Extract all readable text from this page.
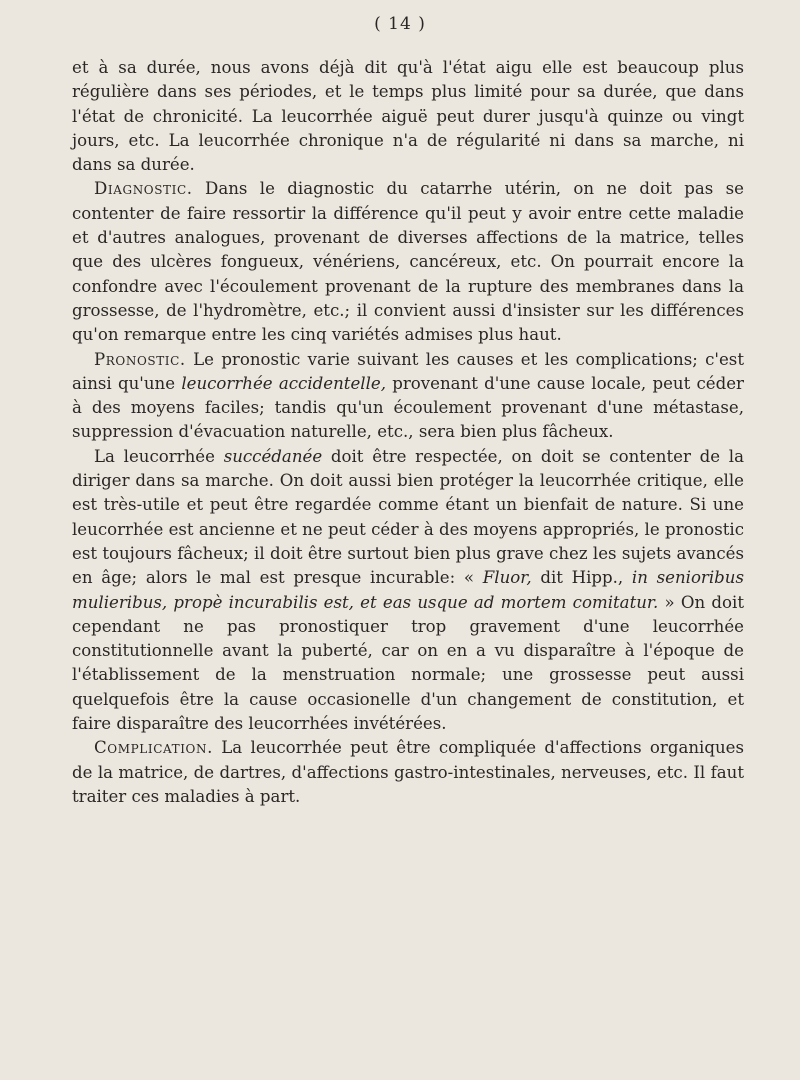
( 14 )

et à sa durée, nous avons déjà dit qu'à l'état aigu elle est beaucoup plus régulière dans ses périodes, et le temps plus limité pour sa durée, que dans l'état de chronicité. La leucorrhée aiguë peut durer jusqu'à quinze ou vingt jours, etc. La leucorrhée chronique n'a de régularité ni dans sa marche, ni dans sa durée.

Diagnostic. Dans le diagnostic du catarrhe utérin, on ne doit pas se contenter de faire ressortir la différence qu'il peut y avoir entre cette maladie et d'autres analogues, provenant de diverses affections de la matrice, telles que des ulcères fongueux, vénériens, cancéreux, etc. On pourrait encore la confondre avec l'écoulement provenant de la rupture des membranes dans la grossesse, de l'hydromètre, etc.; il convient aussi d'insister sur les différences qu'on remarque entre les cinq variétés admises plus haut.

Pronostic. Le pronostic varie suivant les causes et les complications; c'est ainsi qu'une leucorrhée accidentelle, provenant d'une cause locale, peut céder à des moyens faciles; tandis qu'un écoulement provenant d'une métastase, suppression d'évacuation naturelle, etc., sera bien plus fâcheux.

La leucorrhée succédanée doit être respectée, on doit se contenter de la diriger dans sa marche. On doit aussi bien protéger la leucorrhée critique, elle est très-utile et peut être regardée comme étant un bienfait de nature. Si une leucorrhée est ancienne et ne peut céder à des moyens appropriés, le pronostic est toujours fâcheux; il doit être surtout bien plus grave chez les sujets avancés en âge; alors le mal est presque incurable: « Fluor, dit Hipp., in senioribus mulieribus, propè incurabilis est, et eas usque ad mortem comitatur. » On doit cependant ne pas pronostiquer trop gravement d'une leucorrhée constitutionnelle avant la puberté, car on en a vu disparaître à l'époque de l'établissement de la menstruation normale; une grossesse peut aussi quelquefois être la cause occasionelle d'un changement de constitution, et faire disparaître des leucorrhées invétérées.

Complication. La leucorrhée peut être compliquée d'affections organiques de la matrice, de dartres, d'affections gastro-intestinales, nerveuses, etc. Il faut traiter ces maladies à part.
